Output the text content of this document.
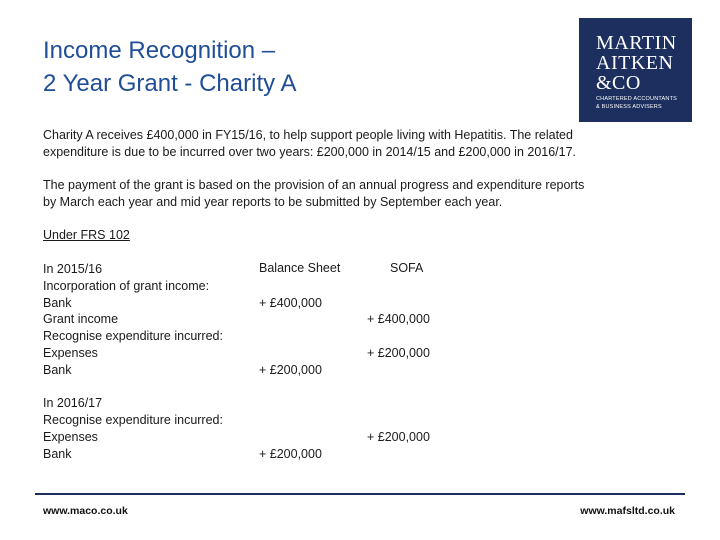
Income Recognition –
2 Year Grant - Charity A
MARTIN
AITKEN
&CO
CHARTERED ACCOUNTANTS
& BUSINESS ADVISERS
Charity A receives £400,000 in FY15/16, to help support people living with Hepatitis. The related
expenditure is due to be incurred over two years: £200,000 in 2014/15 and £200,000 in 2016/17.
The payment of the grant is based on the provision of an annual progress and expenditure reports
by March each year and mid year reports to be submitted by September each year.
Under FRS 102
Balance Sheet	SOFA
In 2015/16
Incorporation of grant income:
Bank
Grant income
Recognise expenditure incurred:
Expenses
Bank
In 2016/17
Recognise expenditure incurred:
Expenses
Bank
+ £400,000
+ £200,000
+ £200,000
+ £400,000
+ £200,000
+ £200,000
www.maco.co.uk	www.mafsltd.co.uk
